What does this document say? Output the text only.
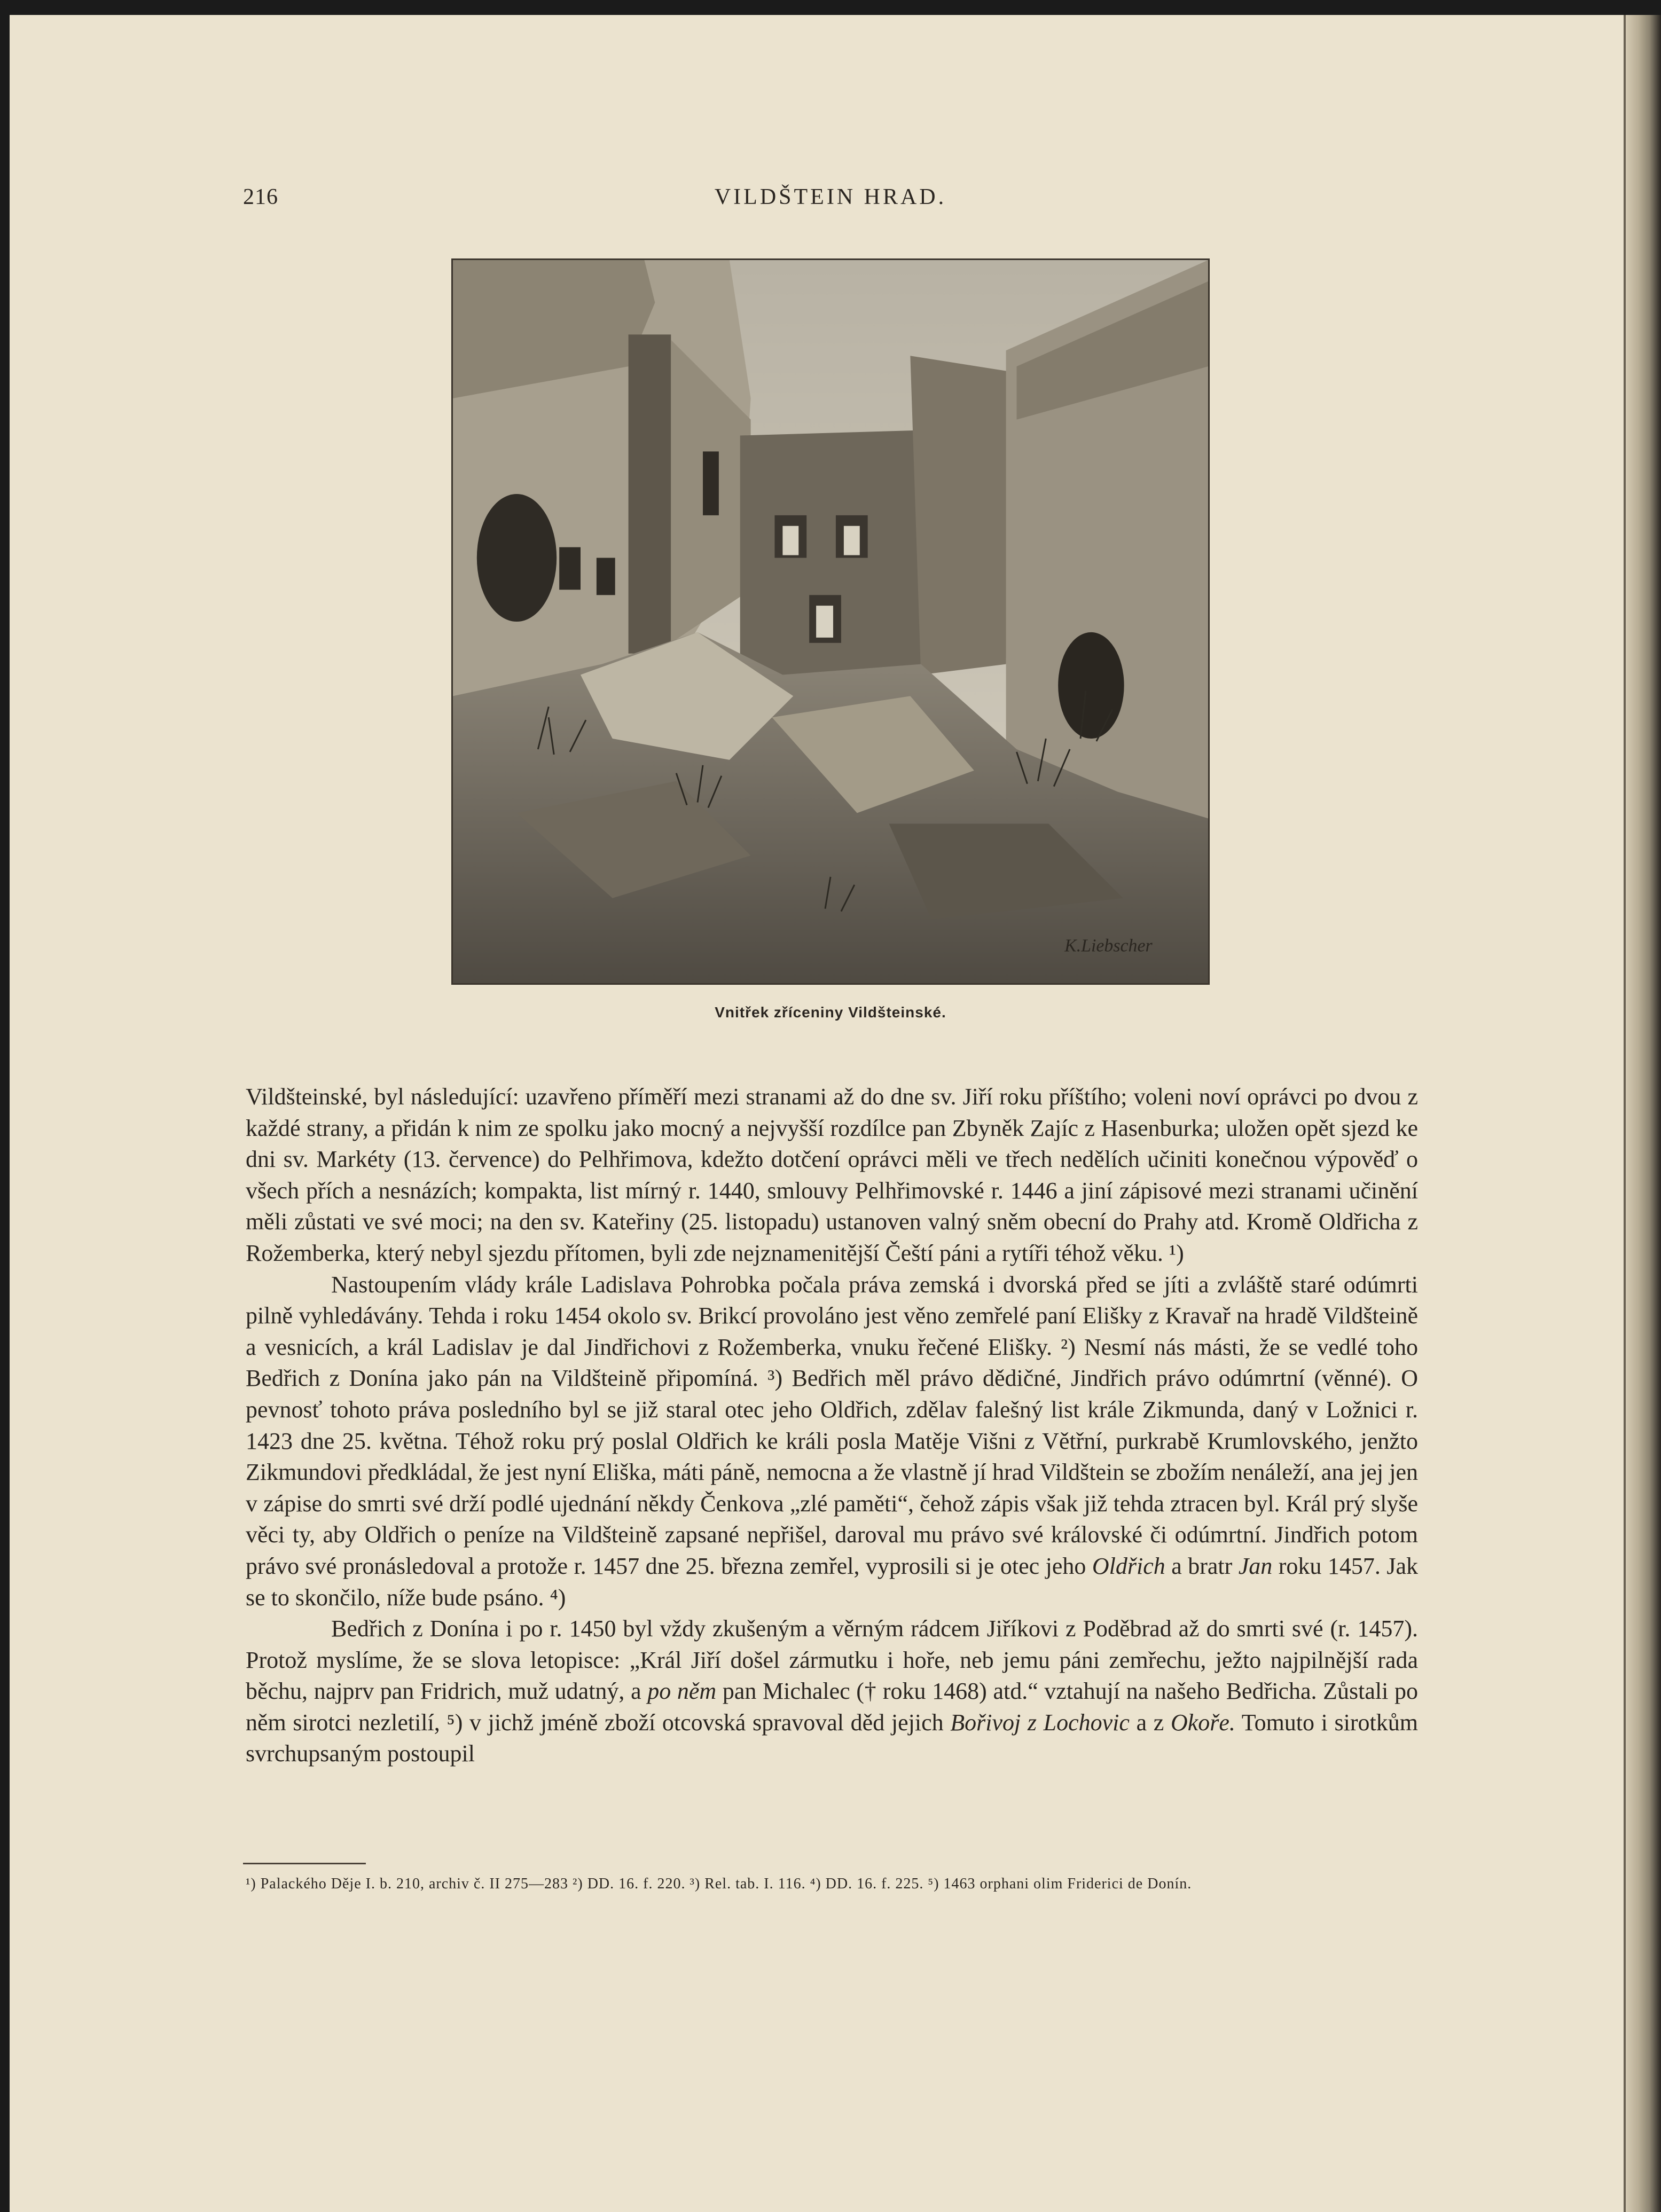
216	VILDŠTEIN HRAD.
K.Liebscher
Vnitřek zříceniny Vildšteinské.

Vildšteinské, byl následující: uzavřeno příměří mezi stranami až do dne sv. Jiří roku příštího; voleni noví oprávci po dvou z každé strany, a přidán k nim ze spolku jako mocný a nejvyšší rozdílce pan Zbyněk Zajíc z Hasenburka; uložen opět sjezd ke dni sv. Markéty (13. července) do Pelhřimova, kdežto dotčení oprávci měli ve třech nedělích učiniti konečnou výpověď o všech přích a nesnázích; kompakta, list mírný r. 1440, smlouvy Pelhřimovské r. 1446 a jiní zápisové mezi stranami učinění měli zůstati ve své moci; na den sv. Kateřiny (25. listopadu) ustanoven valný sněm obecní do Prahy atd. Kromě Oldřicha z Rožemberka, který nebyl sjezdu přítomen, byli zde nejznamenitější Čeští páni a rytíři téhož věku. ¹)

Nastoupením vlády krále Ladislava Pohrobka počala práva zemská i dvorská před se jíti a zvláště staré odúmrti pilně vyhledávány. Tehda i roku 1454 okolo sv. Brikcí provoláno jest věno zemřelé paní Elišky z Kravař na hradě Vildšteině a vesnicích, a král Ladislav je dal Jindřichovi z Rožemberka, vnuku řečené Elišky. ²) Nesmí nás másti, že se vedlé toho Bedřich z Donína jako pán na Vildšteině připomíná. ³) Bedřich měl právo dědičné, Jindřich právo odúmrtní (věnné). O pevnosť tohoto práva posledního byl se již staral otec jeho Oldřich, zdělav falešný list krále Zikmunda, daný v Ložnici r. 1423 dne 25. května. Téhož roku prý poslal Oldřich ke králi posla Matěje Višni z Větřní, purkrabě Krumlovského, jenžto Zikmundovi předkládal, že jest nyní Eliška, máti páně, nemocna a že vlastně jí hrad Vildštein se zbožím nenáleží, ana jej jen v zápise do smrti své drží podlé ujednání někdy Čenkova „zlé paměti“, čehož zápis však již tehda ztracen byl. Král prý slyše věci ty, aby Oldřich o peníze na Vildšteině zapsané nepřišel, daroval mu právo své královské či odúmrtní. Jindřich potom právo své pronásledoval a protože r. 1457 dne 25. března zemřel, vyprosili si je otec jeho Oldřich a bratr Jan roku 1457. Jak se to skončilo, níže bude psáno. ⁴)

Bedřich z Donína i po r. 1450 byl vždy zkušeným a věrným rádcem Jiříkovi z Poděbrad až do smrti své (r. 1457). Protož myslíme, že se slova letopisce: „Král Jiří došel zármutku i hoře, neb jemu páni zemřechu, ježto najpilnější rada běchu, najprv pan Fridrich, muž udatný, a po něm pan Michalec († roku 1468) atd.“ vztahují na našeho Bedřicha. Zůstali po něm sirotci nezletilí, ⁵) v jichž jméně zboží otcovská spravoval děd jejich Bořivoj z Lochovic a z Okoře. Tomuto i sirotkům svrchupsaným postoupil

¹) Palackého Děje I. b. 210, archiv č. II 275—283 ²) DD. 16. f. 220. ³) Rel. tab. I. 116. ⁴) DD. 16. f. 225. ⁵) 1463 orphani olim Friderici de Donín.
